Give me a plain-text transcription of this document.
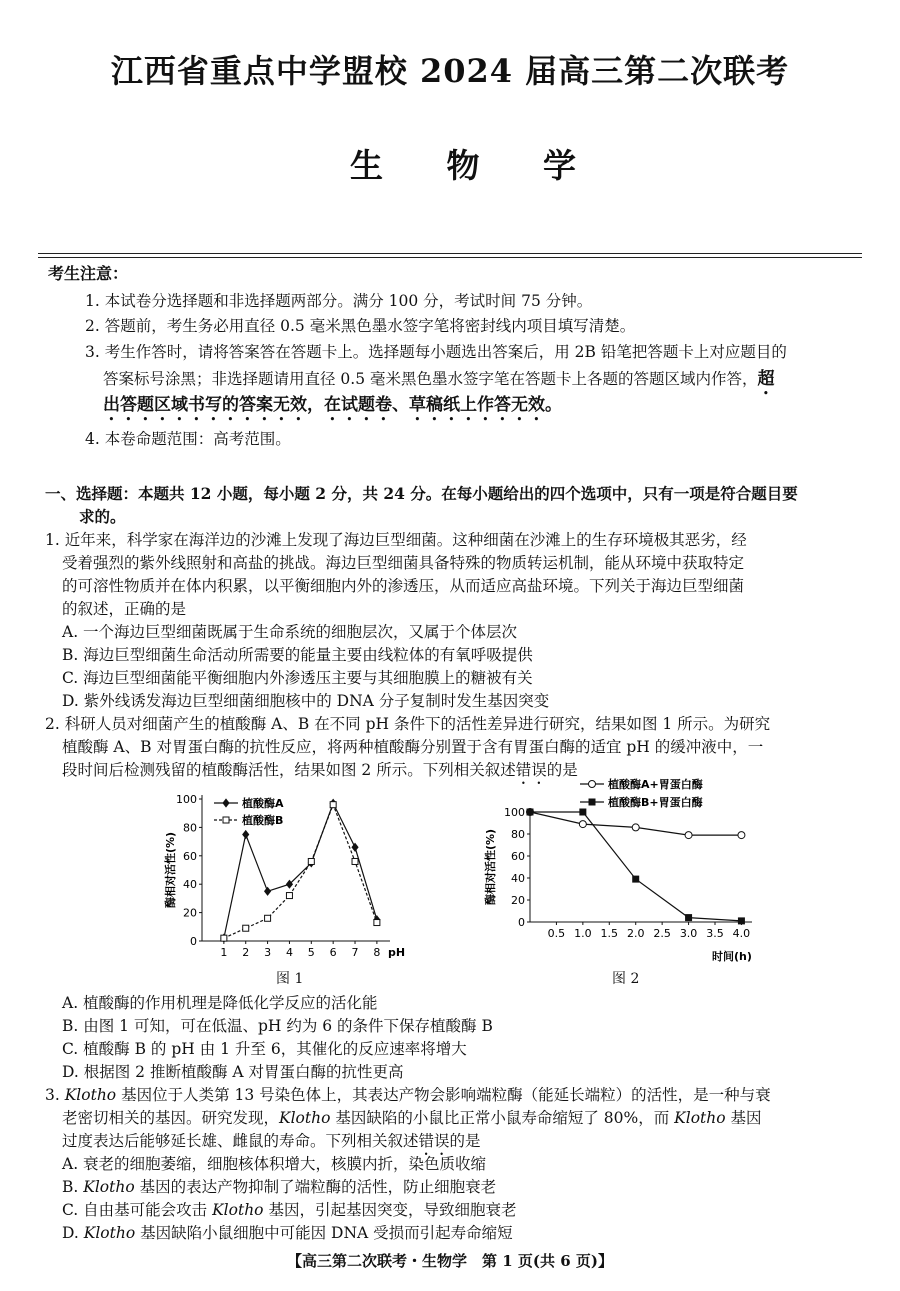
江西省重点中学盟校 2024 届高三第二次联考
生 物 学
考生注意：
1. 本试卷分选择题和非选择题两部分。满分 100 分，考试时间 75 分钟。
2. 答题前，考生务必用直径 0.5 毫米黑色墨水签字笔将密封线内项目填写清楚。
3. 考生作答时，请将答案答在答题卡上。选择题每小题选出答案后，用 2B 铅笔把答题卡上对应题目的
答案标号涂黑；非选择题请用直径 0.5 毫米黑色墨水签字笔在答题卡上各题的答题区域内作答，超
出答题区域书写的答案无效，在试题卷、草稿纸上作答无效。
4. 本卷命题范围：高考范围。
一、选择题：本题共 12 小题，每小题 2 分，共 24 分。在每小题给出的四个选项中，只有一项是符合题目要
求的。
1. 近年来，科学家在海洋边的沙滩上发现了海边巨型细菌。这种细菌在沙滩上的生存环境极其恶劣，经
受着强烈的紫外线照射和高盐的挑战。海边巨型细菌具备特殊的物质转运机制，能从环境中获取特定
的可溶性物质并在体内积累，以平衡细胞内外的渗透压，从而适应高盐环境。下列关于海边巨型细菌
的叙述，正确的是
A. 一个海边巨型细菌既属于生命系统的细胞层次，又属于个体层次
B. 海边巨型细菌生命活动所需要的能量主要由线粒体的有氧呼吸提供
C. 海边巨型细菌能平衡细胞内外渗透压主要与其细胞膜上的糖被有关
D. 紫外线诱发海边巨型细菌细胞核中的 DNA 分子复制时发生基因突变
2. 科研人员对细菌产生的植酸酶 A、B 在不同 pH 条件下的活性差异进行研究，结果如图 1 所示。为研究
植酸酶 A、B 对胃蛋白酶的抗性反应，将两种植酸酶分别置于含有胃蛋白酶的适宜 pH 的缓冲液中，一
段时间后检测残留的植酸酶活性，结果如图 2 所示。下列相关叙述错误的是
0
20
40
60
80
100
1 2 3 4 5 6 7 8 pH
酶相对活性(%)
植酸酶A
植酸酶B
图 1
0
20
40
60
80
100
0.5 1.0 1.5 2.0 2.5 3.0 3.5 4.0
时间(h)
酶相对活性(%)
植酸酶A+胃蛋白酶
植酸酶B+胃蛋白酶
图 2
A. 植酸酶的作用机理是降低化学反应的活化能
B. 由图 1 可知，可在低温、pH 约为 6 的条件下保存植酸酶 B
C. 植酸酶 B 的 pH 由 1 升至 6，其催化的反应速率将增大
D. 根据图 2 推断植酸酶 A 对胃蛋白酶的抗性更高
3. Klotho 基因位于人类第 13 号染色体上，其表达产物会影响端粒酶（能延长端粒）的活性，是一种与衰
老密切相关的基因。研究发现，Klotho 基因缺陷的小鼠比正常小鼠寿命缩短了 80%，而 Klotho 基因
过度表达后能够延长雄、雌鼠的寿命。下列相关叙述错误的是
A. 衰老的细胞萎缩，细胞核体积增大，核膜内折，染色质收缩
B. Klotho 基因的表达产物抑制了端粒酶的活性，防止细胞衰老
C. 自由基可能会攻击 Klotho 基因，引起基因突变，导致细胞衰老
D. Klotho 基因缺陷小鼠细胞中可能因 DNA 受损而引起寿命缩短
【高三第二次联考・生物学　第 1 页(共 6 页)】
